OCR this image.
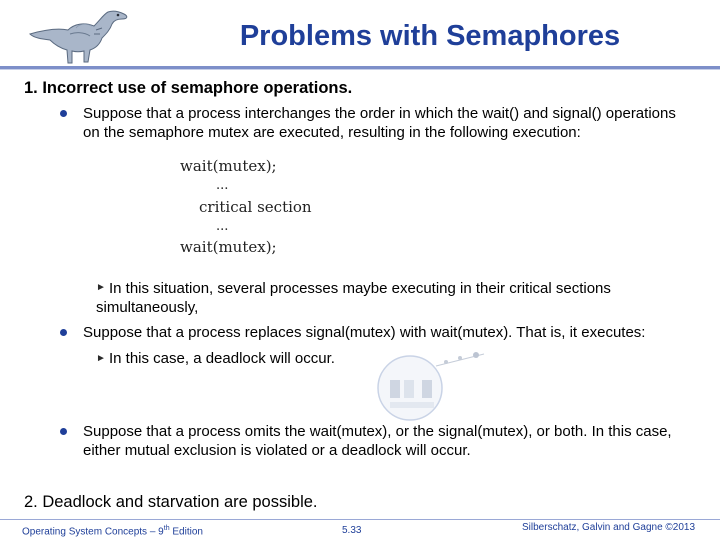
Problems with Semaphores
1. Incorrect use of semaphore operations.
Suppose that a process interchanges the order in which the wait() and signal() operations
on the semaphore mutex are executed, resulting in the following execution:
wait(mutex);
...
critical section
...
wait(mutex);
► In this situation, several processes maybe executing in their critical sections
simultaneously,
Suppose that a process replaces signal(mutex) with wait(mutex). That is, it executes:
► In this case, a deadlock will occur.
Suppose that a process omits the wait(mutex), or the signal(mutex), or both. In this case,
either mutual exclusion is violated or a deadlock will occur.
2. Deadlock and starvation are possible.
Operating System Concepts – 9th Edition	5.33	Silberschatz, Galvin and Gagne ©2013
